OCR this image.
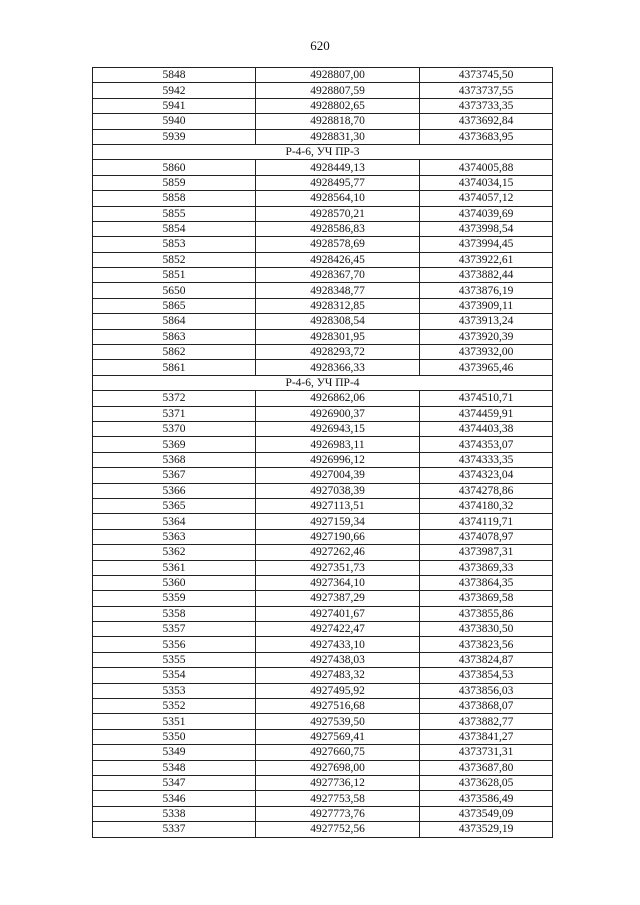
620
5848	4928807,00	4373745,50
5942	4928807,59	4373737,55
5941	4928802,65	4373733,35
5940	4928818,70	4373692,84
5939	4928831,30	4373683,95
Р-4-6, УЧ ПР-3		
5860	4928449,13	4374005,88
5859	4928495,77	4374034,15
5858	4928564,10	4374057,12
5855	4928570,21	4374039,69
5854	4928586,83	4373998,54
5853	4928578,69	4373994,45
5852	4928426,45	4373922,61
5851	4928367,70	4373882,44
5650	4928348,77	4373876,19
5865	4928312,85	4373909,11
5864	4928308,54	4373913,24
5863	4928301,95	4373920,39
5862	4928293,72	4373932,00
5861	4928366,33	4373965,46
Р-4-6, УЧ ПР-4		
5372	4926862,06	4374510,71
5371	4926900,37	4374459,91
5370	4926943,15	4374403,38
5369	4926983,11	4374353,07
5368	4926996,12	4374333,35
5367	4927004,39	4374323,04
5366	4927038,39	4374278,86
5365	4927113,51	4374180,32
5364	4927159,34	4374119,71
5363	4927190,66	4374078,97
5362	4927262,46	4373987,31
5361	4927351,73	4373869,33
5360	4927364,10	4373864,35
5359	4927387,29	4373869,58
5358	4927401,67	4373855,86
5357	4927422,47	4373830,50
5356	4927433,10	4373823,56
5355	4927438,03	4373824,87
5354	4927483,32	4373854,53
5353	4927495,92	4373856,03
5352	4927516,68	4373868,07
5351	4927539,50	4373882,77
5350	4927569,41	4373841,27
5349	4927660,75	4373731,31
5348	4927698,00	4373687,80
5347	4927736,12	4373628,05
5346	4927753,58	4373586,49
5338	4927773,76	4373549,09
5337	4927752,56	4373529,19
